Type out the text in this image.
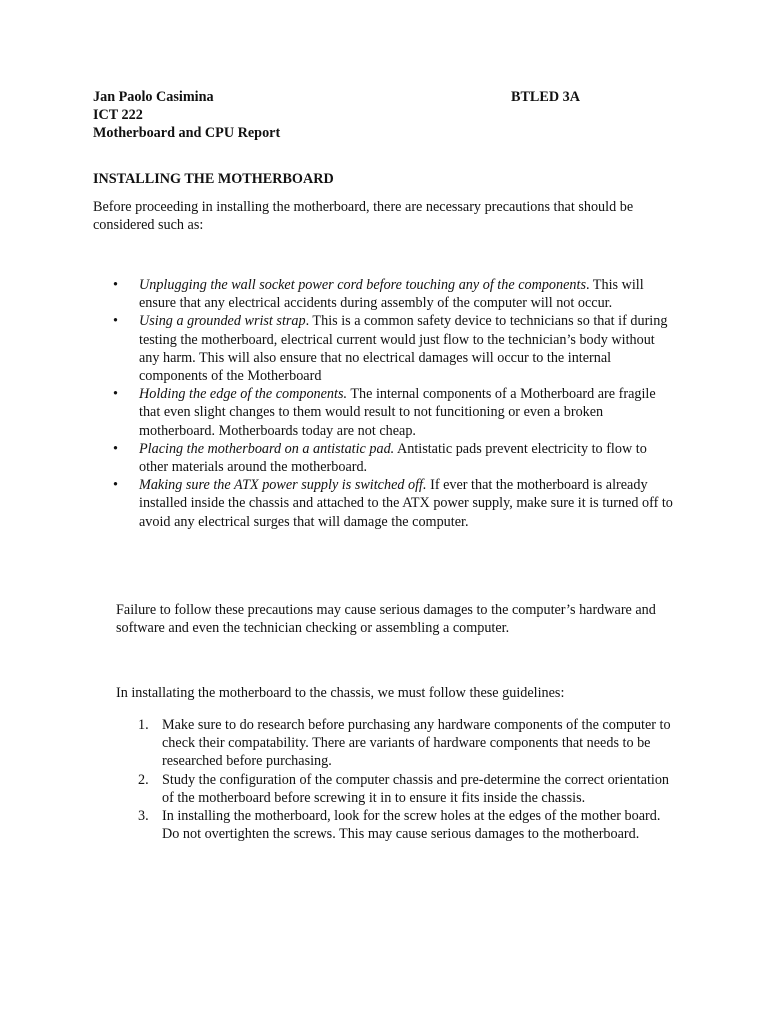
Jan Paolo Casimina	BTLED 3A
ICT 222
Motherboard and CPU Report
INSTALLING THE MOTHERBOARD
Before proceeding in installing the motherboard, there are necessary precautions that should be considered such as:
•	Unplugging the wall socket power cord before touching any of the components. This will ensure that any electrical accidents during assembly of the computer will not occur.
•	Using a grounded wrist strap. This is a common safety device to technicians so that if during testing the motherboard, electrical current would just flow to the technician’s body without any harm. This will also ensure that no electrical damages will occur to the internal components of the Motherboard
•	Holding the edge of the components. The internal components of a Motherboard are fragile that even slight changes to them would result to not funcitioning or even a broken motherboard. Motherboards today are not cheap.
•	Placing the motherboard on a antistatic pad. Antistatic pads prevent electricity to flow to other materials around the motherboard.
•	Making sure the ATX power supply is switched off. If ever that the motherboard is already installed inside the chassis and attached to the ATX power supply, make sure it is turned off to avoid any electrical surges that will damage the computer.
Failure to follow these precautions may cause serious damages to the computer’s hardware and software and even the technician checking or assembling a computer.
In installating the motherboard to the chassis, we must follow these guidelines:
1. Make sure to do research before purchasing any hardware components of the computer to check their compatability. There are variants of hardware components that needs to be researched before purchasing.
2. Study the configuration of the computer chassis and pre-determine the correct orientation of the motherboard before screwing it in to ensure it fits inside the chassis.
3. In installing the motherboard, look for the screw holes at the edges of the mother board. Do not overtighten the screws. This may cause serious damages to the motherboard.
